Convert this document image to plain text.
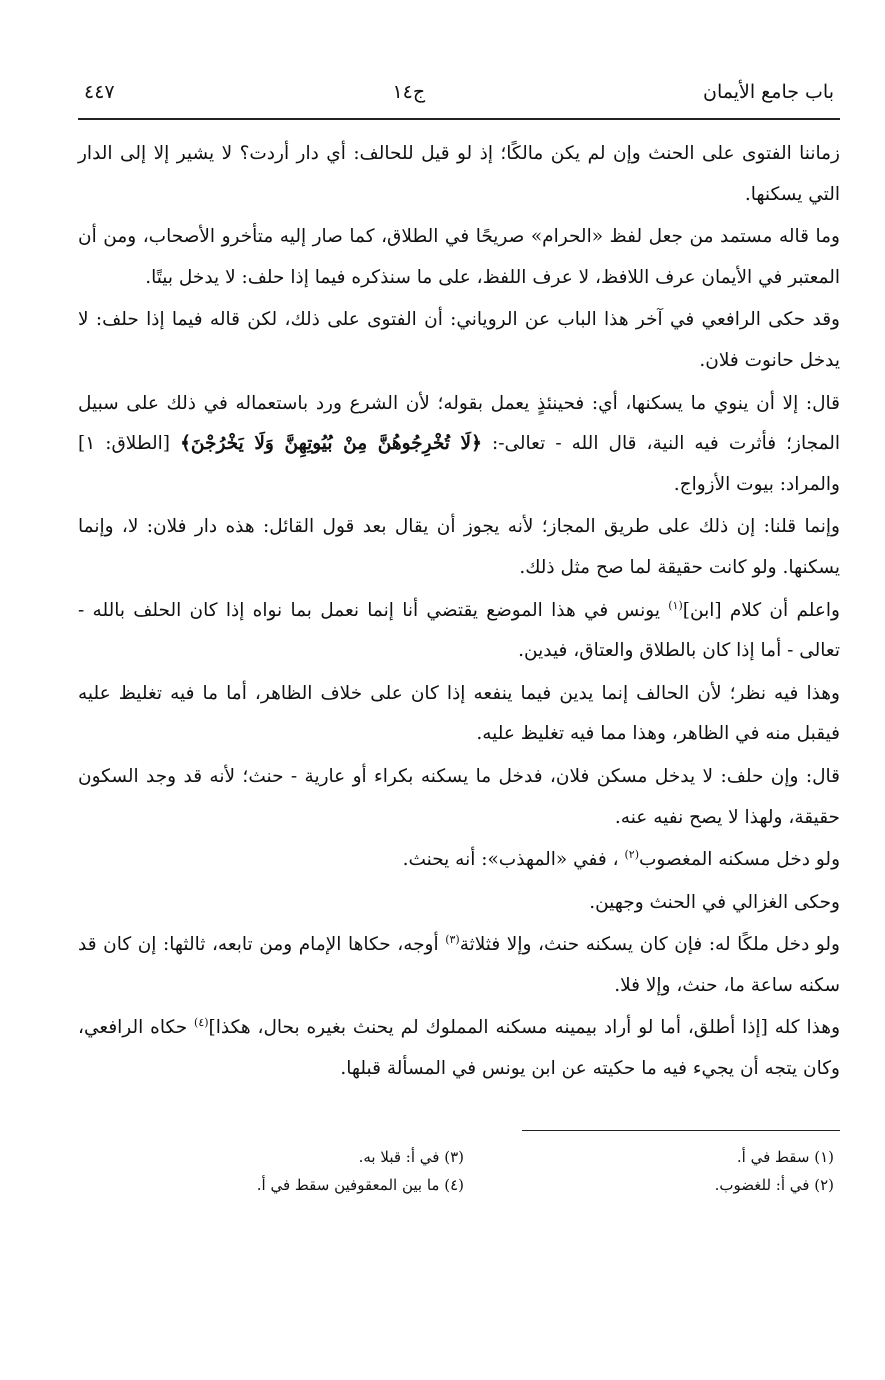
باب جامع الأيمان
ج١٤
٤٤٧

زماننا الفتوى على الحنث وإن لم يكن مالكًا؛ إذ لو قيل للحالف: أي دار أردت؟ لا يشير إلا إلى الدار التي يسكنها.

وما قاله مستمد من جعل لفظ «الحرام» صريحًا في الطلاق، كما صار إليه متأخرو الأصحاب، ومن أن المعتبر في الأيمان عرف اللافظ، لا عرف اللفظ، على ما سنذكره فيما إذا حلف: لا يدخل بيتًا.

وقد حكى الرافعي في آخر هذا الباب عن الروياني: أن الفتوى على ذلك، لكن قاله فيما إذا حلف: لا يدخل حانوت فلان.

قال: إلا أن ينوي ما يسكنها، أي: فحينئذٍ يعمل بقوله؛ لأن الشرع ورد باستعماله في ذلك على سبيل المجاز؛ فأثرت فيه النية، قال الله - تعالى-: ﴿لَا تُخْرِجُوهُنَّ مِنْ بُيُوتِهِنَّ وَلَا يَخْرُجْنَ﴾ [الطلاق: ١] والمراد: بيوت الأزواج.

وإنما قلنا: إن ذلك على طريق المجاز؛ لأنه يجوز أن يقال بعد قول القائل: هذه دار فلان: لا، وإنما يسكنها. ولو كانت حقيقة لما صح مثل ذلك.

واعلم أن كلام [ابن]$^{(١)}$ يونس في هذا الموضع يقتضي أنا إنما نعمل بما نواه إذا كان الحلف بالله - تعالى - أما إذا كان بالطلاق والعتاق، فيدين.

وهذا فيه نظر؛ لأن الحالف إنما يدين فيما ينفعه إذا كان على خلاف الظاهر، أما ما فيه تغليظ عليه فيقبل منه في الظاهر، وهذا مما فيه تغليظ عليه.

قال: وإن حلف: لا يدخل مسكن فلان، فدخل ما يسكنه بكراء أو عارية - حنث؛ لأنه قد وجد السكون حقيقة، ولهذا لا يصح نفيه عنه.

ولو دخل مسكنه المغصوب$^{(٢)}$ ، ففي «المهذب»: أنه يحنث.

وحكى الغزالي في الحنث وجهين.

ولو دخل ملكًا له: فإن كان يسكنه حنث، وإلا فثلاثة$^{(٣)}$ أوجه، حكاها الإمام ومن تابعه، ثالثها: إن كان قد سكنه ساعة ما، حنث، وإلا فلا.

وهذا كله [إذا أطلق، أما لو أراد بيمينه مسكنه المملوك لم يحنث بغيره بحال، هكذا]$^{(٤)}$ حكاه الرافعي، وكان يتجه أن يجيء فيه ما حكيته عن ابن يونس في المسألة قبلها.

(١) سقط في أ.
(٣) في أ: قبلا به.
(٢) في أ: للغضوب.
(٤) ما بين المعقوفين سقط في أ.
